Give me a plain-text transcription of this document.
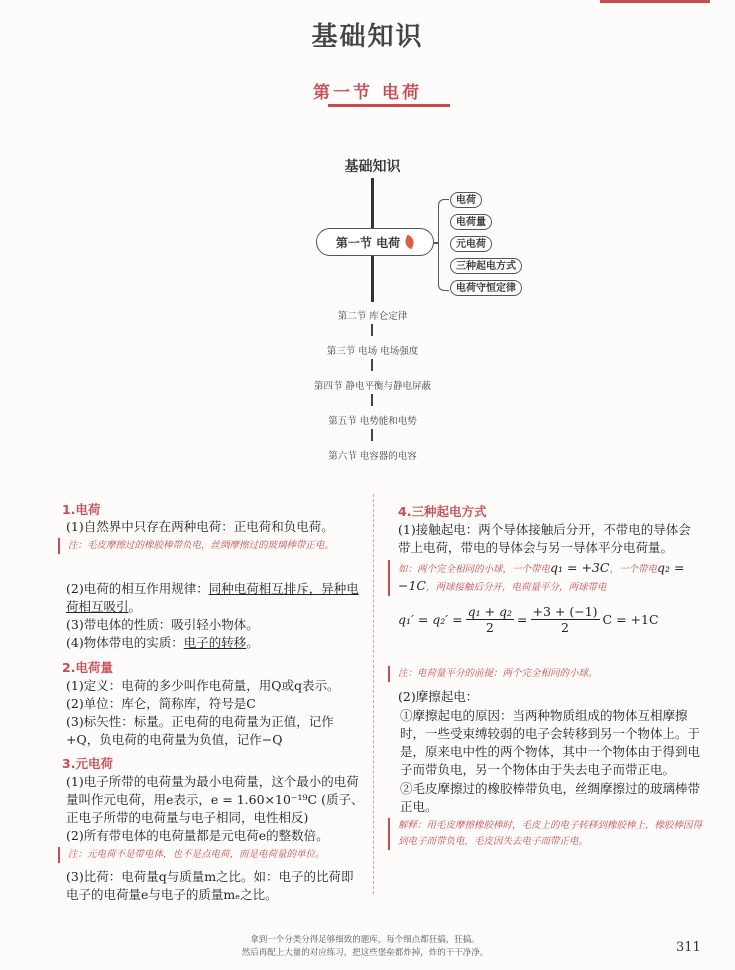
基础知识
第一节 电荷
基础知识
第一节 电荷
电荷
电荷量
元电荷
三种起电方式
电荷守恒定律
第二节 库仑定律
第三节 电场 电场强度
第四节 静电平衡与静电屏蔽
第五节 电势能和电势
第六节 电容器的电容
1.电荷
(1)自然界中只存在两种电荷：正电荷和负电荷。
注：毛皮摩擦过的橡胶棒带负电，丝绸摩擦过的玻璃棒带正电。
(2)电荷的相互作用规律：同种电荷相互排斥，异种电荷相互吸引。
(3)带电体的性质：吸引轻小物体。
(4)物体带电的实质：电子的转移。
2.电荷量
(1)定义：电荷的多少叫作电荷量，用Q或q表示。
(2)单位：库仑，简称库，符号是C
(3)标矢性：标量。正电荷的电荷量为正值，记作+Q，负电荷的电荷量为负值，记作−Q
3.元电荷
(1)电子所带的电荷量为最小电荷量，这个最小的电荷量叫作元电荷，用e表示，e = 1.60×10⁻¹⁹C (质子、正电子所带的电荷量与电子相同，电性相反)
(2)所有带电体的电荷量都是元电荷e的整数倍。
注：元电荷不是带电体，也不是点电荷，而是电荷量的单位。
(3)比荷：电荷量q与质量m之比。如：电子的比荷即电子的电荷量e与电子的质量mₑ之比。
4.三种起电方式
(1)接触起电：两个导体接触后分开，不带电的导体会带上电荷，带电的导体会与另一导体平分电荷量。
如：两个完全相同的小球，一个带电q₁ = +3C，一个带电q₂ = −1C，两球接触后分开，电荷量平分，两球带电
$q_1' = q_2' = \frac{\text{q₁ + q₂}}{2} = \frac{+3 + (-1)}{2}$ C = +1C
注：电荷量平分的前提：两个完全相同的小球。
(2)摩擦起电：
①摩擦起电的原因：当两种物质组成的物体互相摩擦时，一些受束缚较弱的电子会转移到另一个物体上。于是，原来电中性的两个物体，其中一个物体由于得到电子而带负电，另一个物体由于失去电子而带正电。
②毛皮摩擦过的橡胶棒带负电，丝绸摩擦过的玻璃棒带正电。
解释：用毛皮摩擦橡胶棒时，毛皮上的电子转移到橡胶棒上，橡胶棒因得到电子而带负电，毛皮因失去电子而带正电。
拿到一个分类分得足够细致的题库，每个细点都狂搞，狂搞。
然后再配上大量的对应练习，把这些堡垒都炸掉，炸的干干净净。	311
